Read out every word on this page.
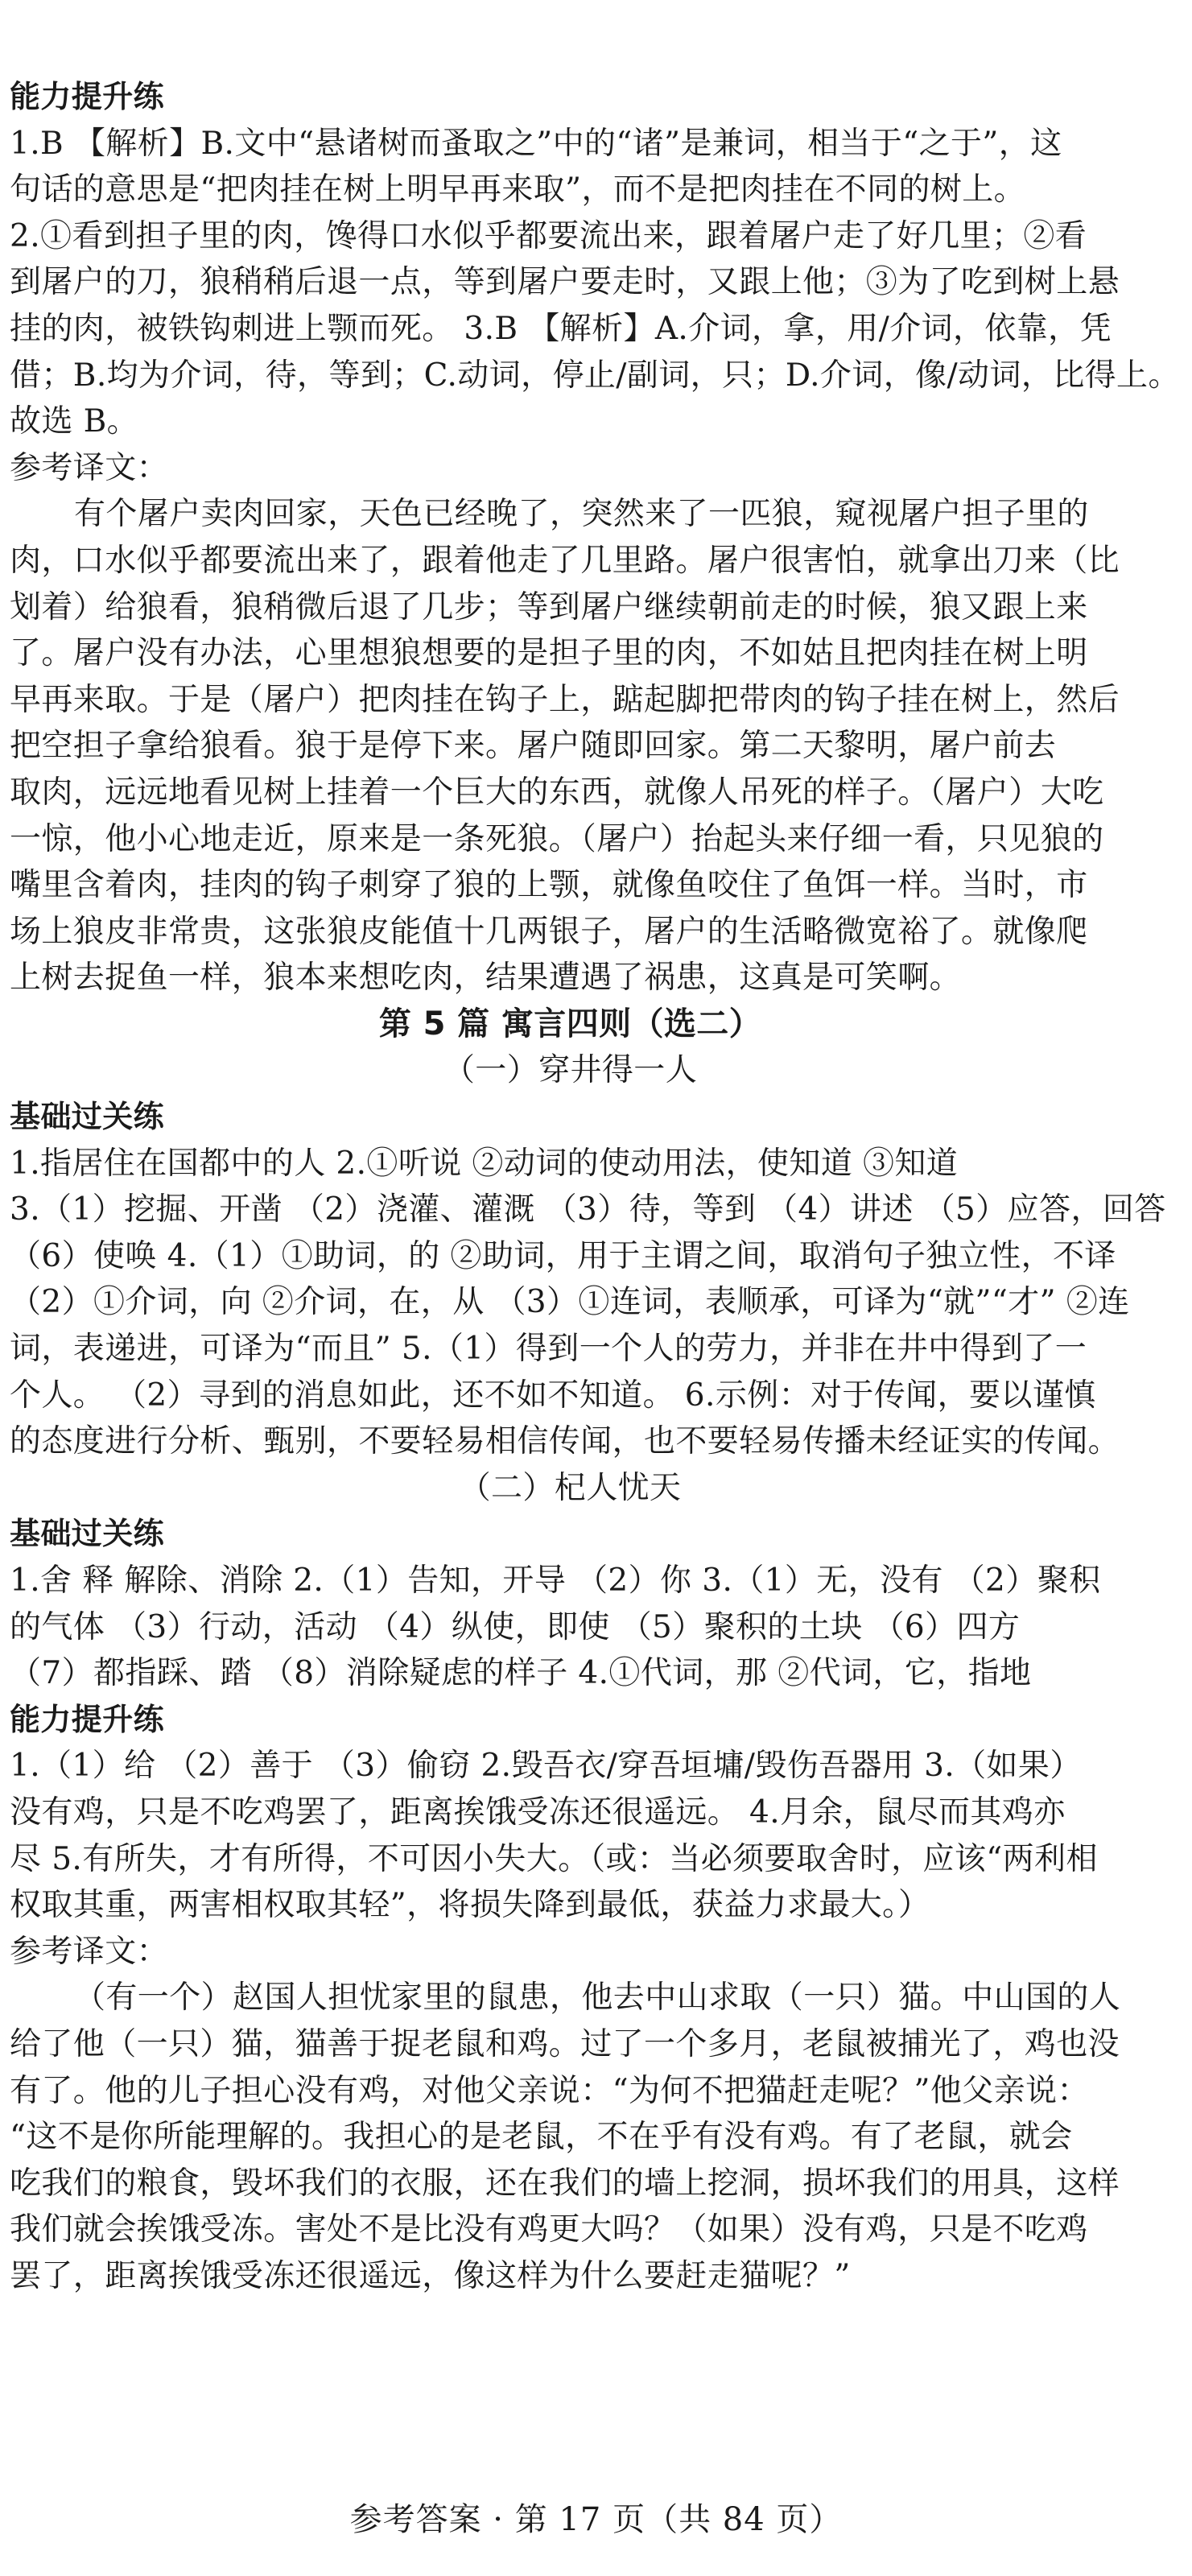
能力提升练
1.B 【解析】B.文中“悬诸树而蚤取之”中的“诸”是兼词，相当于“之于”，这
句话的意思是“把肉挂在树上明早再来取”，而不是把肉挂在不同的树上。
2.①看到担子里的肉，馋得口水似乎都要流出来，跟着屠户走了好几里；②看
到屠户的刀，狼稍稍后退一点，等到屠户要走时，又跟上他；③为了吃到树上悬
挂的肉，被铁钩刺进上颚而死。 3.B 【解析】A.介词，拿，用/介词，依靠，凭
借；B.均为介词，待，等到；C.动词，停止/副词，只；D.介词，像/动词，比得上。
故选 B。
参考译文：
有个屠户卖肉回家，天色已经晚了，突然来了一匹狼，窥视屠户担子里的
肉，口水似乎都要流出来了，跟着他走了几里路。屠户很害怕，就拿出刀来（比
划着）给狼看，狼稍微后退了几步；等到屠户继续朝前走的时候，狼又跟上来
了。屠户没有办法，心里想狼想要的是担子里的肉，不如姑且把肉挂在树上明
早再来取。于是（屠户）把肉挂在钩子上，踮起脚把带肉的钩子挂在树上，然后
把空担子拿给狼看。狼于是停下来。屠户随即回家。第二天黎明，屠户前去
取肉，远远地看见树上挂着一个巨大的东西，就像人吊死的样子。（屠户）大吃
一惊，他小心地走近，原来是一条死狼。（屠户）抬起头来仔细一看，只见狼的
嘴里含着肉，挂肉的钩子刺穿了狼的上颚，就像鱼咬住了鱼饵一样。当时，市
场上狼皮非常贵，这张狼皮能值十几两银子，屠户的生活略微宽裕了。就像爬
上树去捉鱼一样，狼本来想吃肉，结果遭遇了祸患，这真是可笑啊。
第 5 篇 寓言四则（选二）
（一）穿井得一人
基础过关练
1.指居住在国都中的人 2.①听说 ②动词的使动用法，使知道 ③知道
3.（1）挖掘、开凿 （2）浇灌、灌溉 （3）待，等到 （4）讲述 （5）应答，回答
（6）使唤 4.（1）①助词，的 ②助词，用于主谓之间，取消句子独立性，不译
（2）①介词，向 ②介词，在，从 （3）①连词，表顺承，可译为“就”“才” ②连
词，表递进，可译为“而且” 5.（1）得到一个人的劳力，并非在井中得到了一
个人。 （2）寻到的消息如此，还不如不知道。 6.示例：对于传闻，要以谨慎
的态度进行分析、甄别，不要轻易相信传闻，也不要轻易传播未经证实的传闻。
（二）杞人忧天
基础过关练
1.舍 释 解除、消除 2.（1）告知，开导 （2）你 3.（1）无，没有 （2）聚积
的气体 （3）行动，活动 （4）纵使，即使 （5）聚积的土块 （6）四方
（7）都指踩、踏 （8）消除疑虑的样子 4.①代词，那 ②代词，它，指地
能力提升练
1.（1）给 （2）善于 （3）偷窃 2.毁吾衣/穿吾垣墉/毁伤吾器用 3.（如果）
没有鸡，只是不吃鸡罢了，距离挨饿受冻还很遥远。 4.月余，鼠尽而其鸡亦
尽 5.有所失，才有所得，不可因小失大。（或：当必须要取舍时，应该“两利相
权取其重，两害相权取其轻”，将损失降到最低，获益力求最大。）
参考译文：
（有一个）赵国人担忧家里的鼠患，他去中山求取（一只）猫。中山国的人
给了他（一只）猫，猫善于捉老鼠和鸡。过了一个多月，老鼠被捕光了，鸡也没
有了。他的儿子担心没有鸡，对他父亲说：“为何不把猫赶走呢？”他父亲说：
“这不是你所能理解的。我担心的是老鼠，不在乎有没有鸡。有了老鼠，就会
吃我们的粮食，毁坏我们的衣服，还在我们的墙上挖洞，损坏我们的用具，这样
我们就会挨饿受冻。害处不是比没有鸡更大吗？（如果）没有鸡，只是不吃鸡
罢了，距离挨饿受冻还很遥远，像这样为什么要赶走猫呢？”
参考答案 · 第 17 页（共 84 页）
